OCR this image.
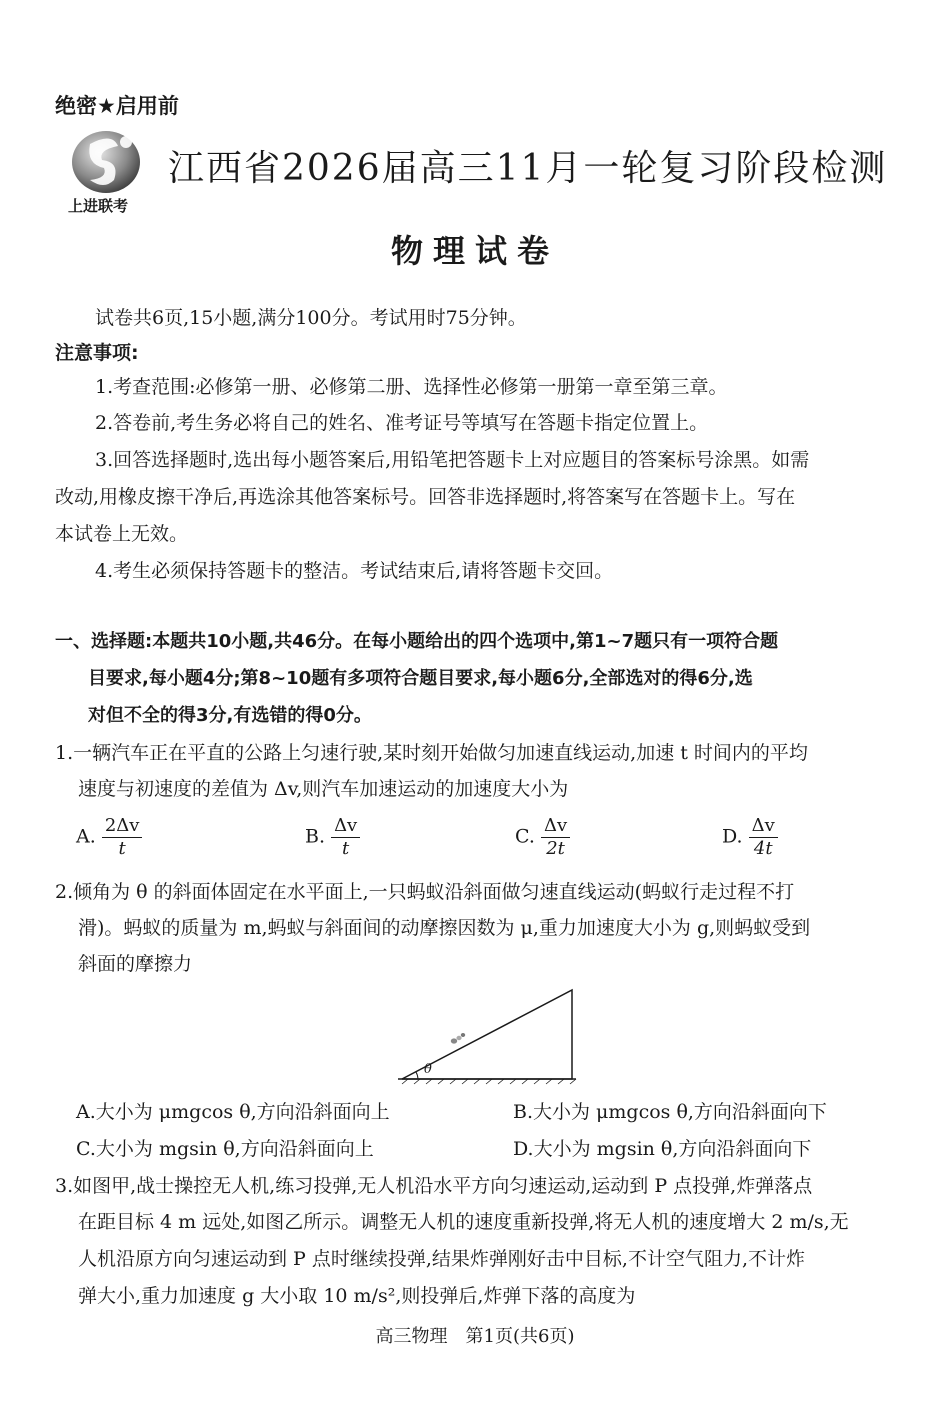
绝密★启用前
上进联考
江西省2026届高三11月一轮复习阶段检测
物理试卷
试卷共6页,15小题,满分100分。考试用时75分钟。
注意事项:
1.考查范围:必修第一册、必修第二册、选择性必修第一册第一章至第三章。
2.答卷前,考生务必将自己的姓名、准考证号等填写在答题卡指定位置上。
3.回答选择题时,选出每小题答案后,用铅笔把答题卡上对应题目的答案标号涂黑。如需
改动,用橡皮擦干净后,再选涂其他答案标号。回答非选择题时,将答案写在答题卡上。写在
本试卷上无效。
4.考生必须保持答题卡的整洁。考试结束后,请将答题卡交回。
一、选择题:本题共10小题,共46分。在每小题给出的四个选项中,第1~7题只有一项符合题
目要求,每小题4分;第8~10题有多项符合题目要求,每小题6分,全部选对的得6分,选
对但不全的得3分,有选错的得0分。
1.一辆汽车正在平直的公路上匀速行驶,某时刻开始做匀加速直线运动,加速 t 时间内的平均
速度与初速度的差值为 Δv,则汽车加速运动的加速度大小为
A. $\frac{2\Delta v}{t}$	B. $\frac{\Delta v}{t}$	C. $\frac{\Delta v}{2t}$	D. $\frac{\Delta v}{4t}$
2.倾角为 θ 的斜面体固定在水平面上,一只蚂蚁沿斜面做匀速直线运动(蚂蚁行走过程不打
滑)。蚂蚁的质量为 m,蚂蚁与斜面间的动摩擦因数为 μ,重力加速度大小为 g,则蚂蚁受到
斜面的摩擦力
θ
A.大小为 μmgcos θ,方向沿斜面向上	B.大小为 μmgcos θ,方向沿斜面向下
C.大小为 mgsin θ,方向沿斜面向上	D.大小为 mgsin θ,方向沿斜面向下
3.如图甲,战士操控无人机,练习投弹,无人机沿水平方向匀速运动,运动到 P 点投弹,炸弹落点
在距目标 4 m 远处,如图乙所示。调整无人机的速度重新投弹,将无人机的速度增大 2 m/s,无
人机沿原方向匀速运动到 P 点时继续投弹,结果炸弹刚好击中目标,不计空气阻力,不计炸
弹大小,重力加速度 g 大小取 10 m/s²,则投弹后,炸弹下落的高度为
高三物理　第1页(共6页)
